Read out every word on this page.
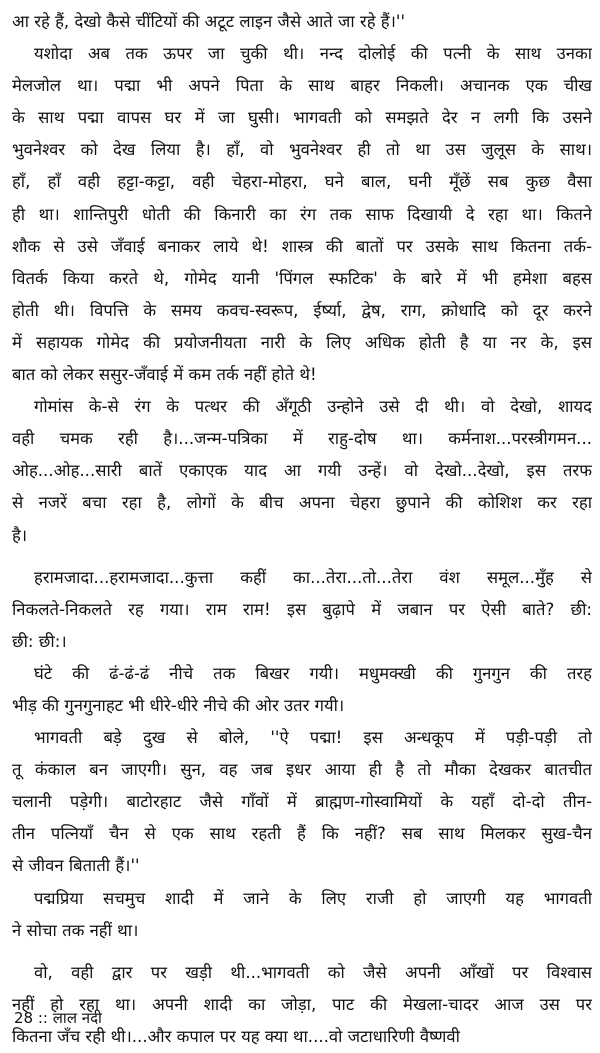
आ रहे हैं, देखो कैसे चींटियों की अटूट लाइन जैसे आते जा रहे हैं।''
यशोदा अब तक ऊपर जा चुकी थी। नन्द दोलोई की पत्नी के साथ उनका
मेलजोल था। पद्मा भी अपने पिता के साथ बाहर निकली। अचानक एक चीख
के साथ पद्मा वापस घर में जा घुसी। भागवती को समझते देर न लगी कि उसने
भुवनेश्वर को देख लिया है। हाँ, वो भुवनेश्वर ही तो था उस जुलूस के साथ।
हाँ, हाँ वही हट्टा-कट्टा, वही चेहरा-मोहरा, घने बाल, घनी मूँछें सब कुछ वैसा
ही था। शान्तिपुरी धोती की किनारी का रंग तक साफ दिखायी दे रहा था। कितने
शौक से उसे जँवाई बनाकर लाये थे! शास्त्र की बातों पर उसके साथ कितना तर्क-
वितर्क किया करते थे, गोमेद यानी 'पिंगल स्फटिक' के बारे में भी हमेशा बहस
होती थी। विपत्ति के समय कवच-स्वरूप, ईर्ष्या, द्वेष, राग, क्रोधादि को दूर करने
में सहायक गोमेद की प्रयोजनीयता नारी के लिए अधिक होती है या नर के, इस
बात को लेकर ससुर-जँवाई में कम तर्क नहीं होते थे!
गोमांस के-से रंग के पत्थर की अँगूठी उन्होने उसे दी थी। वो देखो, शायद
वही चमक रही है।...जन्म-पत्रिका में राहु-दोष था। कर्मनाश...परस्त्रीगमन...
ओह...ओह...सारी बातें एकाएक याद आ गयी उन्हें। वो देखो...देखो, इस तरफ
से नजरें बचा रहा है, लोगों के बीच अपना चेहरा छुपाने की कोशिश कर रहा
है।
हरामजादा...हरामजादा...कुत्ता कहीं का...तेरा...तो...तेरा वंश समूल...मुँह से
निकलते-निकलते रह गया। राम राम! इस बुढ़ापे में जबान पर ऐसी बाते? छी:
छी: छी:।
घंटे की ढं-ढं-ढं नीचे तक बिखर गयी। मधुमक्खी की गुनगुन की तरह
भीड़ की गुनगुनाहट भी धीरे-धीरे नीचे की ओर उतर गयी।
भागवती बड़े दुख से बोले, ''ऐ पद्मा! इस अन्धकूप में पड़ी-पड़ी तो
तू कंकाल बन जाएगी। सुन, वह जब इधर आया ही है तो मौका देखकर बातचीत
चलानी पड़ेगी। बाटोरहाट जैसे गाँवों में ब्राह्मण-गोस्वामियों के यहाँ दो-दो तीन-
तीन पत्नियाँ चैन से एक साथ रहती हैं कि नहीं? सब साथ मिलकर सुख-चैन
से जीवन बिताती हैं।''
पद्मप्रिया सचमुच शादी में जाने के लिए राजी हो जाएगी यह भागवती
ने सोचा तक नहीं था।
वो, वही द्वार पर खड़ी थी...भागवती को जैसे अपनी आँखों पर विश्वास
नहीं हो रहा था। अपनी शादी का जोड़ा, पाट की मेखला-चादर आज उस पर
कितना जँच रही थी।...और कपाल पर यह क्या था....वो जटाधारिणी वैष्णवी
28 :: लाल नदी
